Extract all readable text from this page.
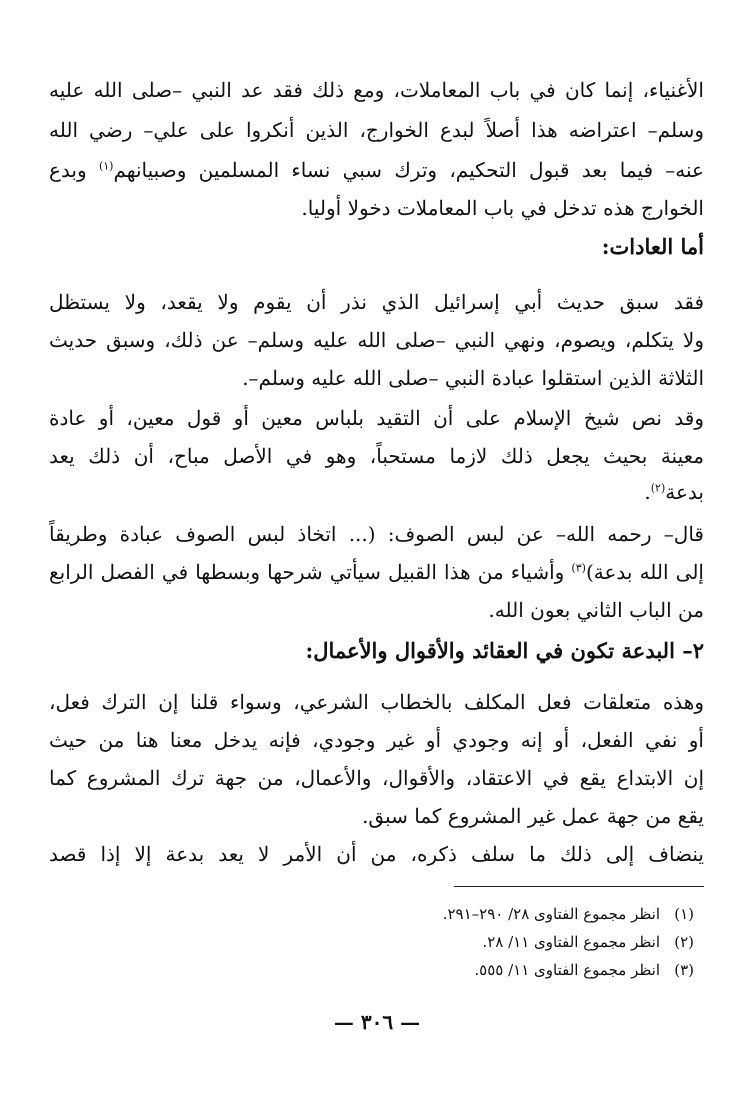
الأغنياء، إنما كان في باب المعاملات، ومع ذلك فقد عد النبي –صلى الله عليه
وسلم– اعتراضه هذا أصلاً لبدع الخوارج، الذين أنكروا على علي– رضي الله
عنه– فيما بعد قبول التحكيم، وترك سبي نساء المسلمين وصبيانهم$^{(١)}$ وبدع
الخوارج هذه تدخل في باب المعاملات دخولا أوليا.
أما العادات:
فقد سبق حديث أبي إسرائيل الذي نذر أن يقوم ولا يقعد، ولا يستظل
ولا يتكلم، ويصوم، ونهي النبي –صلى الله عليه وسلم– عن ذلك، وسبق حديث
الثلاثة الذين استقلوا عبادة النبي –صلى الله عليه وسلم–.
وقد نص شيخ الإسلام على أن التقيد بلباس معين أو قول معين، أو عادة
معينة بحيث يجعل ذلك لازما مستحباً، وهو في الأصل مباح، أن ذلك يعد
بدعة$^{(٢)}$.
قال– رحمه الله– عن لبس الصوف: (... اتخاذ لبس الصوف عبادة وطريقاً
إلى الله بدعة)$^{(٣)}$ وأشياء من هذا القبيل سيأتي شرحها وبسطها في الفصل الرابع
من الباب الثاني بعون الله.
٢– البدعة تكون في العقائد والأقوال والأعمال:
وهذه متعلقات فعل المكلف بالخطاب الشرعي، وسواء قلنا إن الترك فعل،
أو نفي الفعل، أو إنه وجودي أو غير وجودي، فإنه يدخل معنا هنا من حيث
إن الابتداع يقع في الاعتقاد، والأقوال، والأعمال، من جهة ترك المشروع كما
يقع من جهة عمل غير المشروع كما سبق.
ينضاف إلى ذلك ما سلف ذكره، من أن الأمر لا يعد بدعة إلا إذا قصد
(١)انظر مجموع الفتاوى ٢٨/ ٢٩٠–٢٩١.
(٢)انظر مجموع الفتاوى ١١/ ٢٨.
(٣)انظر مجموع الفتاوى ١١/ ٥٥٥.
— ٣٠٦ —
